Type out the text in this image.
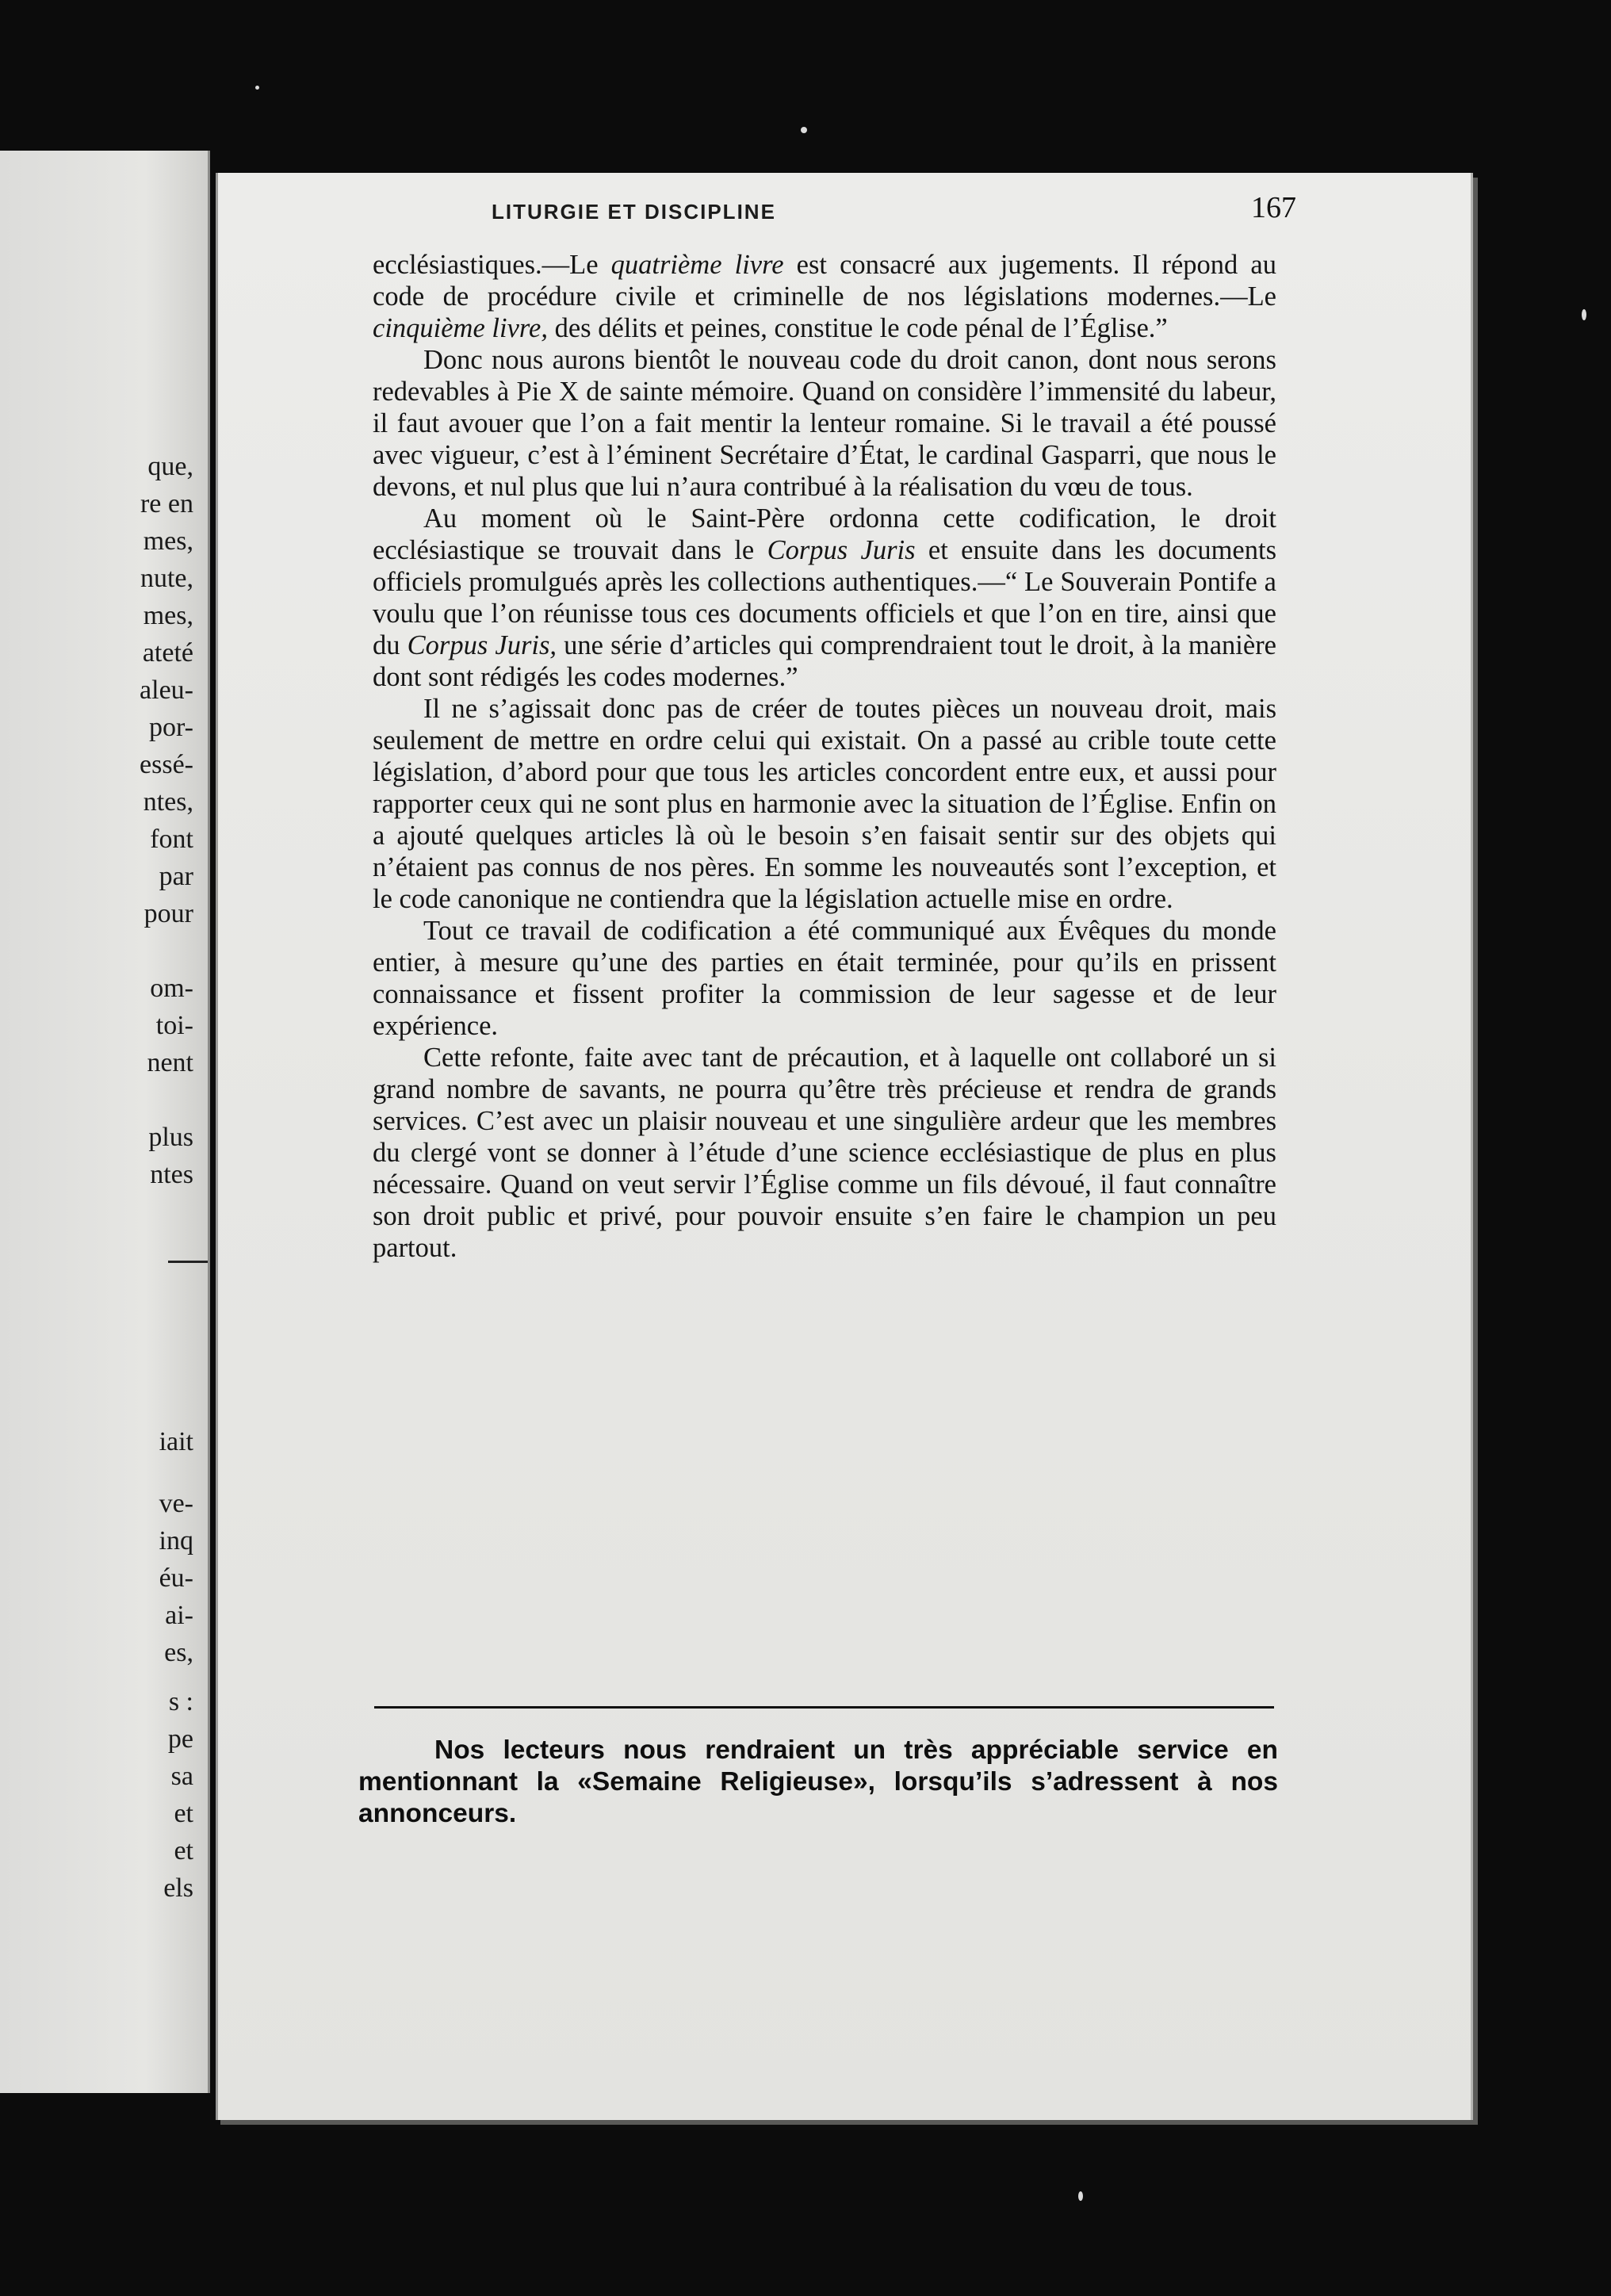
que,
re en
mes,
nute,
mes,
ateté
aleu-
por-
essé-
ntes,
font
par
pour
om-
toi-
nent
plus
ntes
iait
ve-
inq
éu-
ai-
es,
s :
pe
sa
et
et
els
LITURGIE ET DISCIPLINE	167

ecclésiastiques.—Le quatrième livre est consacré aux jugements. Il répond au code de procédure civile et criminelle de nos législations modernes.—Le cinquième livre, des délits et peines, constitue le code pénal de l’Église.”

Donc nous aurons bientôt le nouveau code du droit canon, dont nous serons redevables à Pie X de sainte mémoire. Quand on considère l’immensité du labeur, il faut avouer que l’on a fait mentir la lenteur romaine. Si le travail a été poussé avec vigueur, c’est à l’éminent Secrétaire d’État, le cardinal Gasparri, que nous le devons, et nul plus que lui n’aura contribué à la réalisation du vœu de tous.

Au moment où le Saint-Père ordonna cette codification, le droit ecclésiastique se trouvait dans le Corpus Juris et ensuite dans les documents officiels promulgués après les collections authentiques.—“ Le Souverain Pontife a voulu que l’on réunisse tous ces documents officiels et que l’on en tire, ainsi que du Corpus Juris, une série d’articles qui comprendraient tout le droit, à la manière dont sont rédigés les codes modernes.”

Il ne s’agissait donc pas de créer de toutes pièces un nouveau droit, mais seulement de mettre en ordre celui qui existait. On a passé au crible toute cette législation, d’abord pour que tous les articles concordent entre eux, et aussi pour rapporter ceux qui ne sont plus en harmonie avec la situation de l’Église. Enfin on a ajouté quelques articles là où le besoin s’en faisait sentir sur des objets qui n’étaient pas connus de nos pères. En somme les nouveautés sont l’exception, et le code canonique ne contiendra que la législation actuelle mise en ordre.

Tout ce travail de codification a été communiqué aux Évêques du monde entier, à mesure qu’une des parties en était terminée, pour qu’ils en prissent connaissance et fissent profiter la commission de leur sagesse et de leur expérience.

Cette refonte, faite avec tant de précaution, et à laquelle ont collaboré un si grand nombre de savants, ne pourra qu’être très précieuse et rendra de grands services. C’est avec un plaisir nouveau et une singulière ardeur que les membres du clergé vont se donner à l’étude d’une science ecclésiastique de plus en plus nécessaire. Quand on veut servir l’Église comme un fils dévoué, il faut connaître son droit public et privé, pour pouvoir ensuite s’en faire le champion un peu partout.

Nos lecteurs nous rendraient un très appréciable service en mentionnant la «Semaine Religieuse», lorsqu’ils s’adressent à nos annonceurs.
